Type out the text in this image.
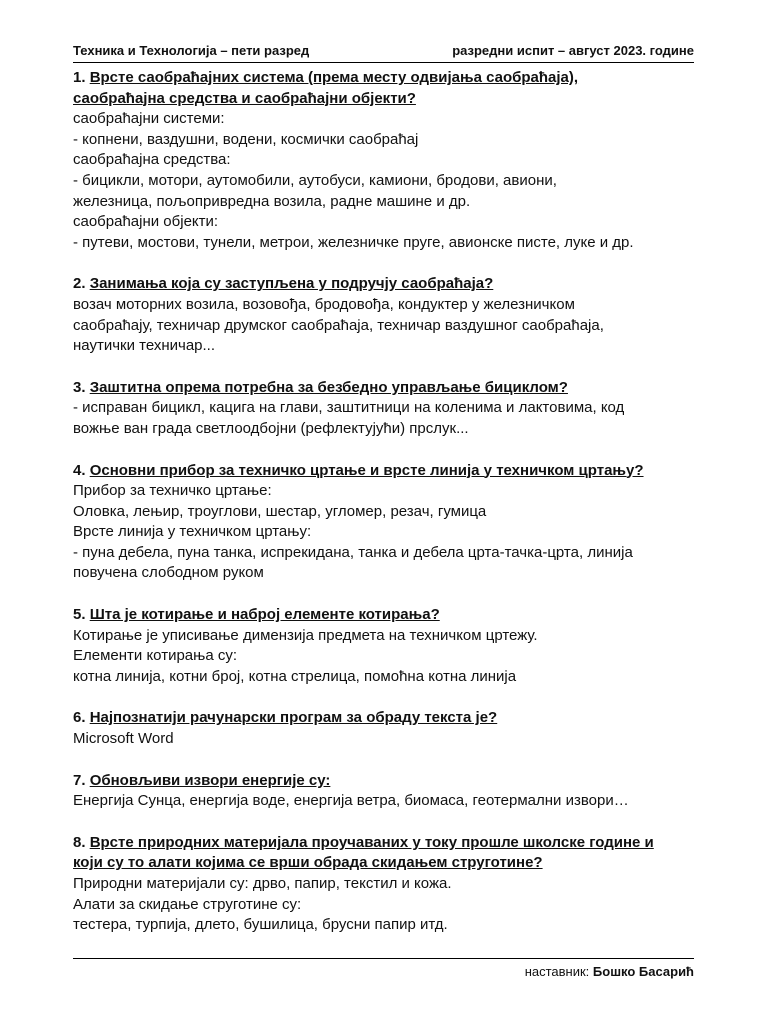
Техника и Технологија – пети разред	разредни испит – август 2023. године
1. Врсте саобраћајних система (према месту одвијања саобраћаја),
саобраћајна средства и саобраћајни објекти?
саобраћајни системи:
- копнени, ваздушни, водени, космички саобраћај
саобраћајна средства:
- бицикли, мотори, аутомобили, аутобуси, камиони, бродови, авиони,
железница, пољопривредна возила, радне машине и др.
саобраћајни објекти:
- путеви, мостови, тунели, метрои, железничке пруге, авионске писте, луке и др.
2. Занимања која су заступљена у подручју саобраћаја?
возач моторних возила, возовођа, бродовођа, кондуктер у железничком
саобраћају, техничар друмског саобраћаја, техничар ваздушног саобраћаја,
наутички техничар...
3. Заштитна опрема потребна за безбедно управљање бициклом?
- исправан бицикл, кацига на глави, заштитници на коленима и лактовима, код
вожње ван града светлоодбојни (рефлектујући) прслук...
4. Основни прибор за техничко цртање и врсте линија у техничком цртању?
Прибор за техничко цртање:
Оловка, лењир, троуглови, шестар, угломер, резач, гумица
Врсте линија у техничком цртању:
- пуна дебела, пуна танка, испрекидана, танка и дебела црта-тачка-црта, линија
повучена слободном руком
5. Шта је котирање и наброј елементе котирања?
Котирање је уписивање димензија предмета на техничком цртежу.
Елементи котирања су:
котна линија, котни број, котна стрелица, помоћна котна линија
6. Најпознатији рачунарски програм за обраду текста је?
Microsoft Word
7. Обновљиви извори енергије су:
Енергија Сунца, енергија воде, енергија ветра, биомаса, геотермални извори…
8. Врсте природних материјала проучаваних у току прошле школске године и
који су то алати којима се врши обрада скидањем струготине?
Природни материјали су: дрво, папир, текстил и кожа.
Алати за скидање струготине су:
тестера, турпија, длето, бушилица, брусни папир итд.
наставник: Бошко Басарић
